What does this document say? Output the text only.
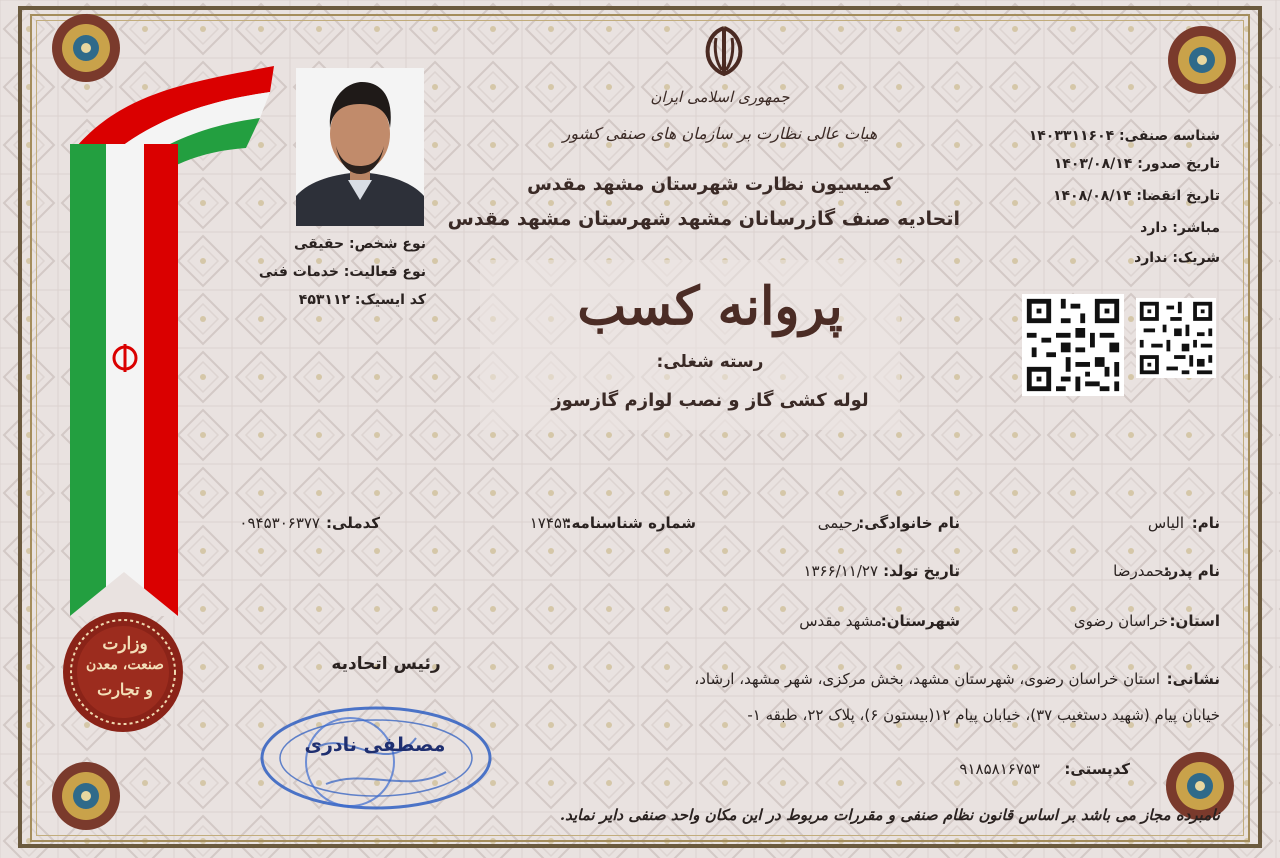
وزارت
صنعت، معدن
و تجارت
جمهوری اسلامی ایران
هیات عالی نظارت بر سازمان های صنفی کشور
کمیسیون نظارت شهرستان مشهد مقدس
اتحادیه صنف گازرسانان مشهد شهرستان مشهد مقدس
پروانه کسب
رسته شغلی:
لوله کشی گاز و نصب لوازم گازسوز
نوع شخص: حقیقی
نوع فعالیت: خدمات فنی
کد ایسیک: ۴۵۳۱۱۲
شناسه صنفی: ۱۴۰۳۳۱۱۶۰۴
تاریخ صدور: ۱۴۰۳/۰۸/۱۴
تاریخ انقضا: ۱۴۰۸/۰۸/۱۴
مباشر: دارد
شریک: ندارد
نام:
الیاس
نام خانوادگی:
رحیمی
شماره شناسنامه:
۱۷۴۵۳
کدملی:
۰۹۴۵۳۰۶۳۷۷
نام پدر:
محمدرضا
تاریخ تولد:
۱۳۶۶/۱۱/۲۷
استان:
خراسان رضوی
شهرستان:
مشهد مقدس
نشانی:
استان خراسان رضوی، شهرستان مشهد، بخش مرکزی، شهر مشهد، ارشاد،
خیابان پیام (شهید دستغیب ۳۷)، خیابان پیام ۱۲(بیستون ۶)، پلاک ۲۲، طبقه ۱-
کدپستی:
۹۱۸۵۸۱۶۷۵۳
رئیس اتحادیه
مصطفی نادری
نامبرده مجاز می باشد بر اساس قانون نظام صنفی و مقررات مربوط در این مکان واحد صنفی دایر نماید.
